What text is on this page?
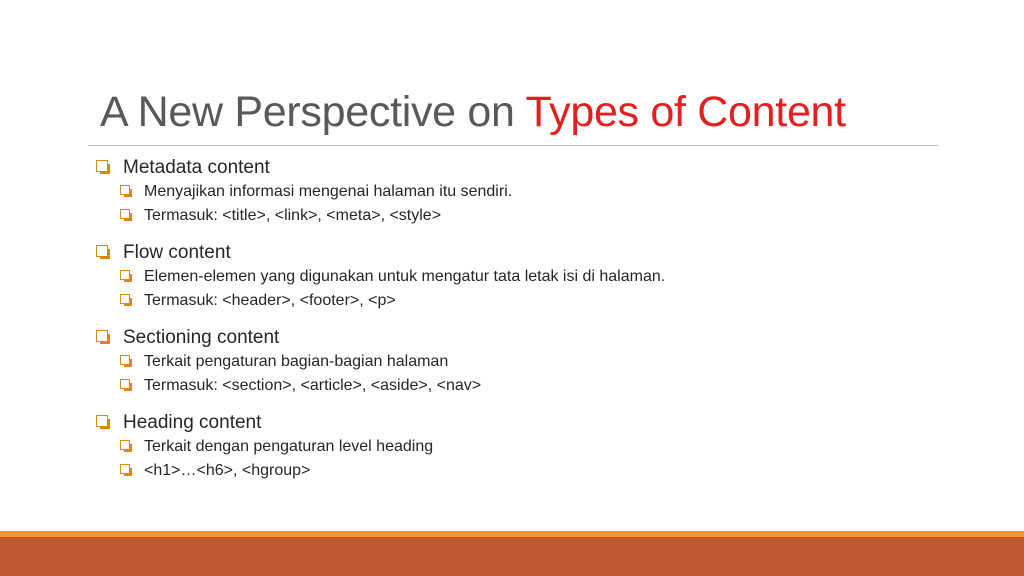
A New Perspective on Types of Content
Metadata content
Menyajikan informasi mengenai halaman itu sendiri.
Termasuk: <title>, <link>, <meta>, <style>
Flow content
Elemen-elemen yang digunakan untuk mengatur tata letak isi di halaman.
Termasuk: <header>, <footer>, <p>
Sectioning content
Terkait pengaturan bagian-bagian halaman
Termasuk: <section>, <article>, <aside>, <nav>
Heading content
Terkait dengan pengaturan level heading
<h1>…<h6>, <hgroup>
